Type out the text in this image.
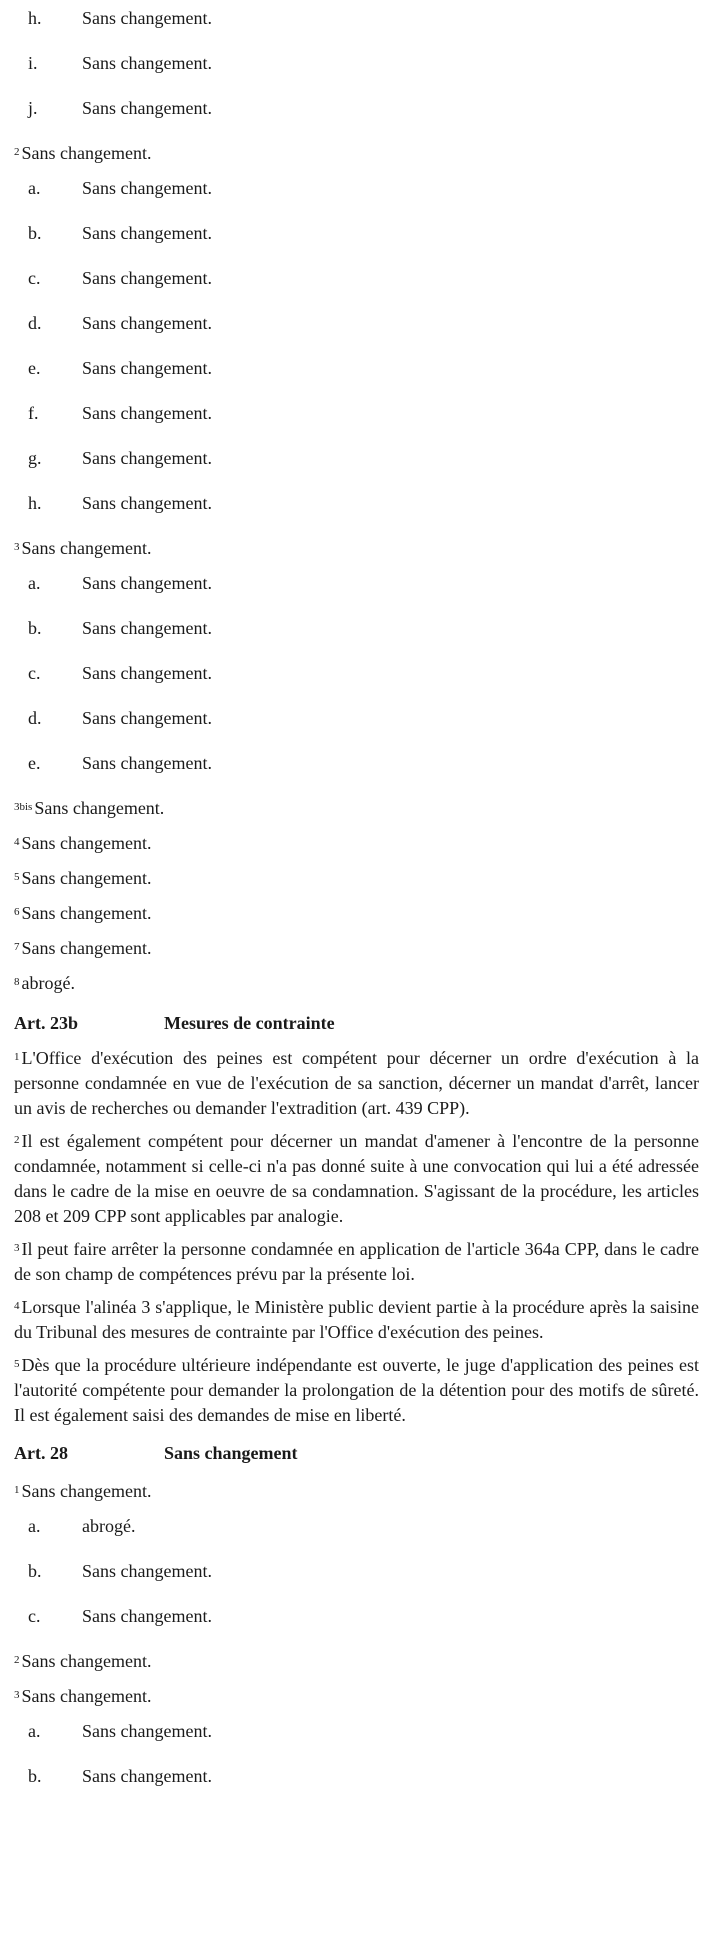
h.	Sans changement.
i.	Sans changement.
j.	Sans changement.
$^2$ Sans changement.
a.	Sans changement.
b.	Sans changement.
c.	Sans changement.
d.	Sans changement.
e.	Sans changement.
f.	Sans changement.
g.	Sans changement.
h.	Sans changement.
$^3$ Sans changement.
a.	Sans changement.
b.	Sans changement.
c.	Sans changement.
d.	Sans changement.
e.	Sans changement.
$^{3bis}$ Sans changement.
$^4$ Sans changement.
$^5$ Sans changement.
$^6$ Sans changement.
$^7$ Sans changement.
$^8$ abrogé.
Art. 23b	Mesures de contrainte

$^1$ L'Office d'exécution des peines est compétent pour décerner un ordre d'exécution à la personne condamnée en vue de l'exécution de sa sanction, décerner un mandat d'arrêt, lancer un avis de recherches ou demander l'extradition (art. 439 CPP).

$^2$ Il est également compétent pour décerner un mandat d'amener à l'encontre de la personne condamnée, notamment si celle-ci n'a pas donné suite à une convocation qui lui a été adressée dans le cadre de la mise en oeuvre de sa condamnation. S'agissant de la procédure, les articles 208 et 209 CPP sont applicables par analogie.

$^3$ Il peut faire arrêter la personne condamnée en application de l'article 364a CPP, dans le cadre de son champ de compétences prévu par la présente loi.

$^4$ Lorsque l'alinéa 3 s'applique, le Ministère public devient partie à la procédure après la saisine du Tribunal des mesures de contrainte par l'Office d'exécution des peines.

$^5$ Dès que la procédure ultérieure indépendante est ouverte, le juge d'application des peines est l'autorité compétente pour demander la prolongation de la détention pour des motifs de sûreté. Il est également saisi des demandes de mise en liberté.

Art. 28	Sans changement
$^1$ Sans changement.
a.	abrogé.
b.	Sans changement.
c.	Sans changement.
$^2$ Sans changement.
$^3$ Sans changement.
a.	Sans changement.
b.	Sans changement.
